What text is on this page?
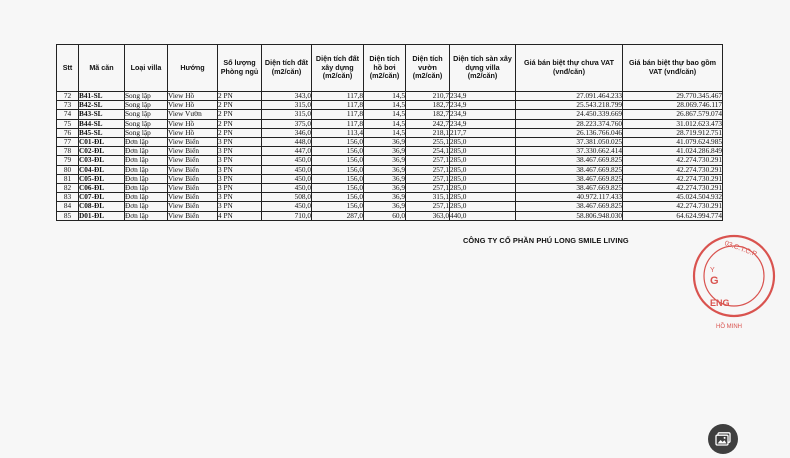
Stt	Mã căn	Loại villa	Hướng	Số lượng Phòng ngủ	Diện tích đất (m2/căn)	Diện tích đất xây dựng (m2/căn)	Diện tích hồ bơi (m2/căn)	Diện tích vườn (m2/căn)	Diện tích sàn xây dựng villa (m2/căn)	Giá bán biệt thự chưa VAT (vnđ/căn)	Giá bán biệt thự bao gồm VAT (vnđ/căn)
72	B41-SL	Song lập	View Hồ	2 PN	343,0	117,8	14,5	210,7	234,9	27.091.464.233	29.770.345.467
73	B42-SL	Song lập	View Hồ	2 PN	315,0	117,8	14,5	182,7	234,9	25.543.218.799	28.069.746.117
74	B43-SL	Song lập	View Vườn	2 PN	315,0	117,8	14,5	182,7	234,9	24.450.339.669	26.867.579.074
75	B44-SL	Song lập	View Hồ	2 PN	375,0	117,8	14,5	242,7	234,9	28.223.374.760	31.012.623.473
76	B45-SL	Song lập	View Hồ	2 PN	346,0	113,4	14,5	218,1	217,7	26.136.766.046	28.719.912.751
77	C01-ĐL	Đơn lập	View Biển	3 PN	448,0	156,0	36,9	255,1	285,0	37.381.050.025	41.079.624.985
78	C02-ĐL	Đơn lập	View Biển	3 PN	447,0	156,0	36,9	254,1	285,0	37.330.662.414	41.024.286.849
79	C03-ĐL	Đơn lập	View Biển	3 PN	450,0	156,0	36,9	257,1	285,0	38.467.669.825	42.274.730.291
80	C04-ĐL	Đơn lập	View Biển	3 PN	450,0	156,0	36,9	257,1	285,0	38.467.669.825	42.274.730.291
81	C05-ĐL	Đơn lập	View Biển	3 PN	450,0	156,0	36,9	257,1	285,0	38.467.669.825	42.274.730.291
82	C06-ĐL	Đơn lập	View Biển	3 PN	450,0	156,0	36,9	257,1	285,0	38.467.669.825	42.274.730.291
83	C07-ĐL	Đơn lập	View Biển	3 PN	508,0	156,0	36,9	315,1	285,0	40.972.117.433	45.024.504.932
84	C08-ĐL	Đơn lập	View Biển	3 PN	450,0	156,0	36,9	257,1	285,0	38.467.669.825	42.274.730.291
85	D01-ĐL	Đơn lập	View Biển	4 PN	710,0	287,0	60,0	363,0	440,0	58.806.948.030	64.624.994.774
CÔNG TY CỔ PHẦN PHÚ LONG SMILE LIVING	03.C.T.C.P
Y
G
ENG
HỒ MINH
